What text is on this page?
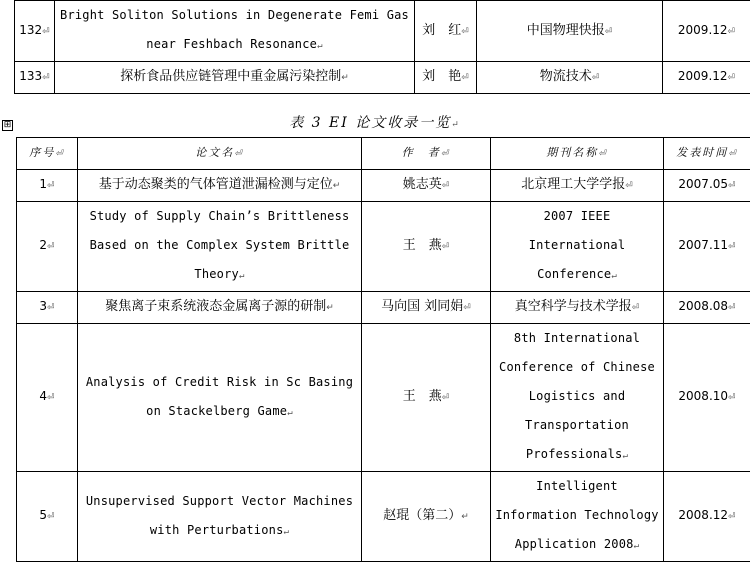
132⏎	Bright Soliton Solutions in Degenerate Femi Gas near Feshbach Resonance↵	刘　红⏎	中国物理快报⏎	2009.12⏎
133⏎	探析食品供应链管理中重金属污染控制↵	刘　艳⏎	物流技术⏎	2009.12⏎
⊞	表 3 EI 论文收录一览↵
序号⏎	论文名⏎	作　者⏎	期刊名称⏎	发表时间⏎
1⏎	基于动态聚类的气体管道泄漏检测与定位↵	姚志英⏎	北京理工大学学报⏎	2007.05⏎
2⏎	Study of Supply Chain’s Brittleness Based on the Complex System Brittle Theory↵	王　燕⏎	2007 IEEE International Conference↵	2007.11⏎
3⏎	聚焦离子束系统液态金属离子源的研制↵	马向国 刘同娟⏎	真空科学与技术学报⏎	2008.08⏎
4⏎	Analysis of Credit Risk in Sc Basing on Stackelberg Game↵	王　燕⏎	8th International Conference of Chinese Logistics and Transportation Professionals↵	2008.10⏎
5⏎	Unsupervised Support Vector Machines with Perturbations↵	赵琨（第二）↵	Intelligent Information Technology Application 2008↵	2008.12⏎
